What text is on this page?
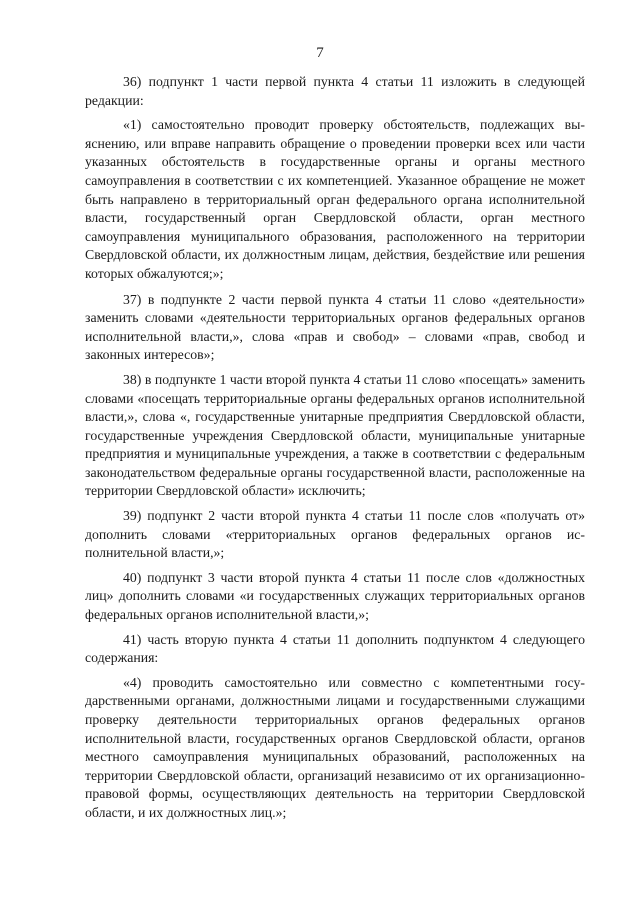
7

36) подпункт 1 части первой пункта 4 статьи 11 изложить в следующей редакции:

«1) самостоятельно проводит проверку обстоятельств, подлежащих выяснению, или вправе направить обращение о проведении проверки всех или части указанных обстоятельств в государственные органы и органы местного самоуправления в соответствии с их компетенцией. Указанное обращение не может быть направлено в территориальный орган федерального органа исполнительной власти, государственный орган Свердловской области, орган местного самоуправления муниципального образования, расположенного на территории Свердловской области, их должностным лицам, действия, бездействие или решения которых обжалуются;»;

37) в подпункте 2 части первой пункта 4 статьи 11 слово «деятельности» заменить словами «деятельности территориальных органов федеральных органов исполнительной власти,», слова «прав и свобод» – словами «прав, свобод и законных интересов»;

38) в подпункте 1 части второй пункта 4 статьи 11 слово «посещать» заменить словами «посещать территориальные органы федеральных органов исполнительной власти,», слова «, государственные унитарные предприятия Свердловской области, государственные учреждения Свердловской области, муниципальные унитарные предприятия и муниципальные учреждения, а также в соответствии с федеральным законодательством федеральные органы государственной власти, расположенные на территории Свердловской области» исключить;

39) подпункт 2 части второй пункта 4 статьи 11 после слов «получать от» дополнить словами «территориальных органов федеральных органов исполнительной власти,»;

40) подпункт 3 части второй пункта 4 статьи 11 после слов «должностных лиц» дополнить словами «и государственных служащих территориальных органов федеральных органов исполнительной власти,»;

41) часть вторую пункта 4 статьи 11 дополнить подпунктом 4 следующего содержания:

«4) проводить самостоятельно или совместно с компетентными государственными органами, должностными лицами и государственными служащими проверку деятельности территориальных органов федеральных органов исполнительной власти, государственных органов Свердловской области, органов местного самоуправления муниципальных образований, расположенных на территории Свердловской области, организаций независимо от их организационно-правовой формы, осуществляющих деятельность на территории Свердловской области, и их должностных лиц.»;
